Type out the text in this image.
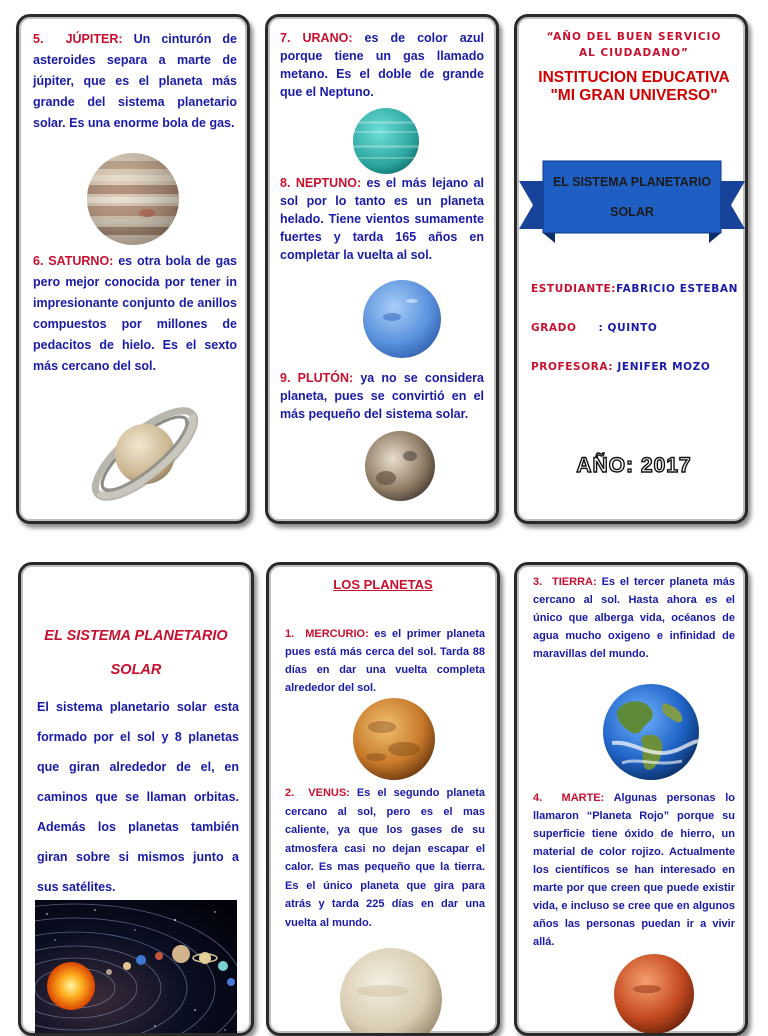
5. JÚPITER: Un cinturón de asteroides separa a marte de júpiter, que es el planeta más grande del sistema planetario solar. Es una enorme bola de gas.

6. SATURNO: es otra bola de gas pero mejor conocida por tener in impresionante conjunto de anillos compuestos por millones de pedacitos de hielo. Es el sexto más cercano del sol.

7. URANO: es de color azul porque tiene un gas llamado metano. Es el doble de grande que el Neptuno.

8. NEPTUNO: es el más lejano al sol por lo tanto es un planeta helado. Tiene vientos sumamente fuertes y tarda 165 años en completar la vuelta al sol.

9. PLUTÓN: ya no se considera planeta, pues se convirtió en el más pequeño del sistema solar.

“AÑO DEL BUEN SERVICIO
AL CIUDADANO”
INSTITUCION EDUCATIVA
"MI GRAN UNIVERSO"
EL SISTEMA PLANETARIO
SOLAR
ESTUDIANTE:FABRICIO ESTEBAN
GRADO : QUINTO
PROFESORA: JENIFER MOZO
AÑO: 2017
EL SISTEMA PLANETARIO
SOLAR

El sistema planetario solar esta formado por el sol y 8 planetas que giran alrededor de el, en caminos que se llaman orbitas. Además los planetas también giran sobre si mismos junto a sus satélites.

LOS PLANETAS

1. MERCURIO: es el primer planeta pues está más cerca del sol. Tarda 88 días en dar una vuelta completa alrededor del sol.

2. VENUS: Es el segundo planeta cercano al sol, pero es el mas caliente, ya que los gases de su atmosfera casi no dejan escapar el calor. Es mas pequeño que la tierra. Es el único planeta que gira para atrás y tarda 225 días en dar una vuelta al mundo.

3. TIERRA: Es el tercer planeta más cercano al sol. Hasta ahora es el único que alberga vida, océanos de agua mucho oxigeno e infinidad de maravillas del mundo.

4. MARTE: Algunas personas lo llamaron “Planeta Rojo” porque su superficie tiene óxido de hierro, un material de color rojizo. Actualmente los científicos se han interesado en marte por que creen que puede existir vida, e incluso se cree que en algunos años las personas puedan ir a vivir allá.
